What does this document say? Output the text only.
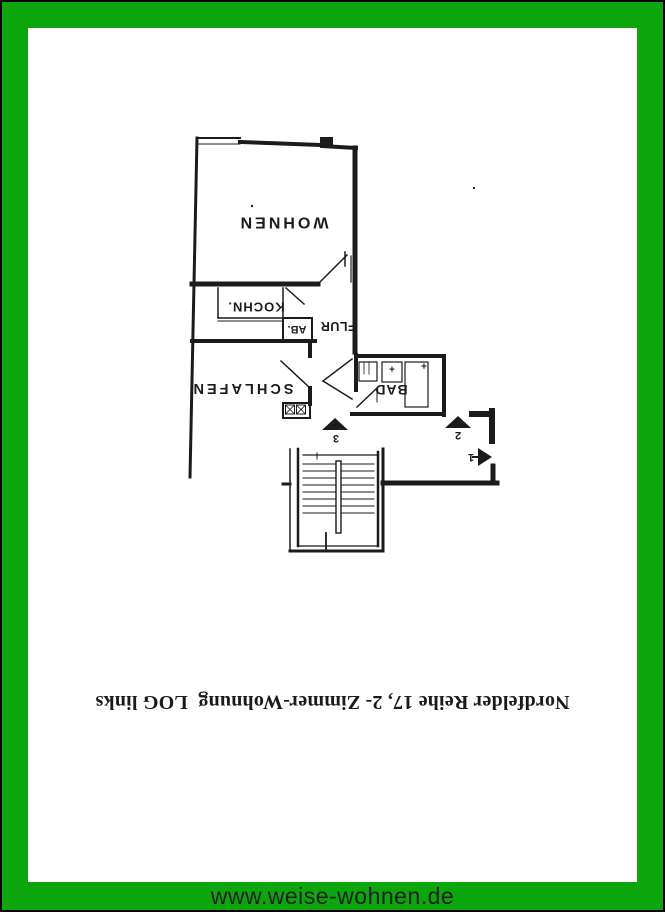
WOHNEN
KOCHN.
AB. FLUR
SCHLAFEN	BAD
3	2
1
+	+
Nordfelder Reihe 17, 2- Zimmer-Wohnung  LOG links
www.weise-wohnen.de
